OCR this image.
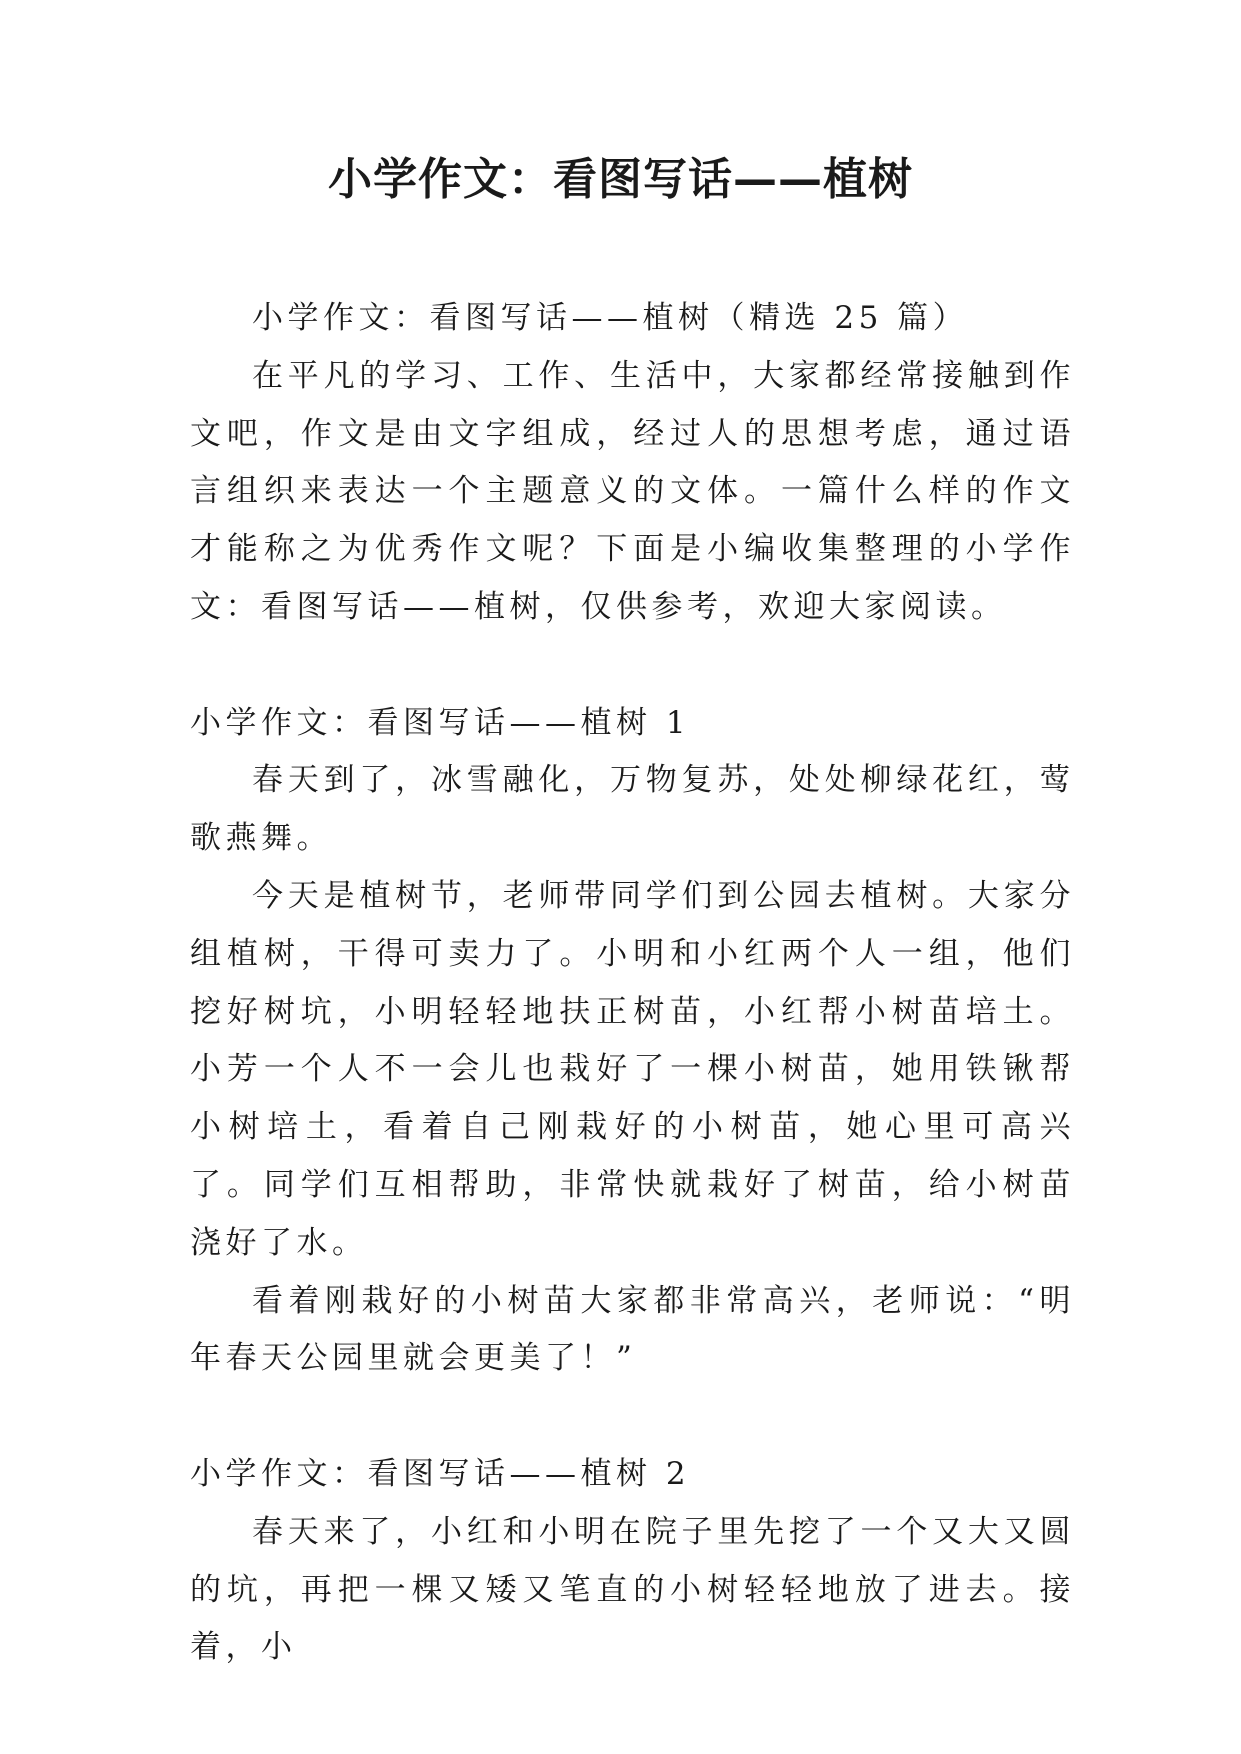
小学作文：看图写话——植树

小学作文：看图写话——植树（精选 25 篇）

在平凡的学习、工作、生活中，大家都经常接触到作文吧，作文是由文字组成，经过人的思想考虑，通过语言组织来表达一个主题意义的文体。一篇什么样的作文才能称之为优秀作文呢？下面是小编收集整理的小学作文：看图写话——植树，仅供参考，欢迎大家阅读。

小学作文：看图写话——植树 1

春天到了，冰雪融化，万物复苏，处处柳绿花红，莺歌燕舞。

今天是植树节，老师带同学们到公园去植树。大家分组植树，干得可卖力了。小明和小红两个人一组，他们挖好树坑，小明轻轻地扶正树苗，小红帮小树苗培土。小芳一个人不一会儿也栽好了一棵小树苗，她用铁锹帮小树培土，看着自己刚栽好的小树苗，她心里可高兴了。同学们互相帮助，非常快就栽好了树苗，给小树苗浇好了水。

看着刚栽好的小树苗大家都非常高兴，老师说：“明年春天公园里就会更美了！”

小学作文：看图写话——植树 2

春天来了，小红和小明在院子里先挖了一个又大又圆的坑，再把一棵又矮又笔直的小树轻轻地放了进去。接着，小
